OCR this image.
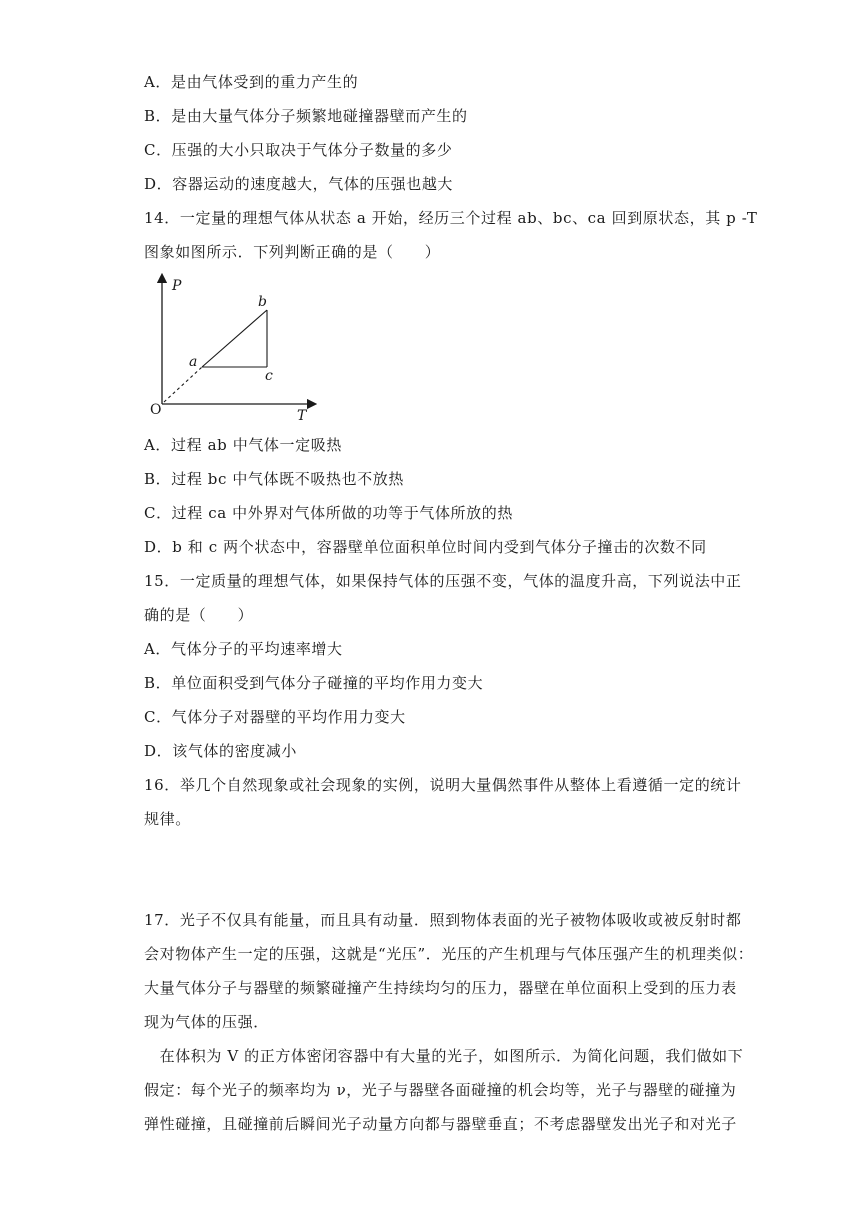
A．是由气体受到的重力产生的
B．是由大量气体分子频繁地碰撞器壁而产生的
C．压强的大小只取决于气体分子数量的多少
D．容器运动的速度越大，气体的压强也越大
14．一定量的理想气体从状态 a 开始，经历三个过程 ab、bc、ca 回到原状态，其 p -T
图象如图所示．下列判断正确的是（　　）
P
T
O
a
b
c
A．过程 ab 中气体一定吸热
B．过程 bc 中气体既不吸热也不放热
C．过程 ca 中外界对气体所做的功等于气体所放的热
D．b 和 c 两个状态中，容器壁单位面积单位时间内受到气体分子撞击的次数不同
15．一定质量的理想气体，如果保持气体的压强不变，气体的温度升高，下列说法中正
确的是（　　）
A．气体分子的平均速率增大
B．单位面积受到气体分子碰撞的平均作用力变大
C．气体分子对器壁的平均作用力变大
D．该气体的密度减小
16．举几个自然现象或社会现象的实例，说明大量偶然事件从整体上看遵循一定的统计
规律。
17．光子不仅具有能量，而且具有动量．照到物体表面的光子被物体吸收或被反射时都
会对物体产生一定的压强，这就是“光压”．光压的产生机理与气体压强产生的机理类似：
大量气体分子与器壁的频繁碰撞产生持续均匀的压力，器壁在单位面积上受到的压力表
现为气体的压强．
　在体积为 V 的正方体密闭容器中有大量的光子，如图所示．为简化问题，我们做如下
假定：每个光子的频率均为 ν，光子与器壁各面碰撞的机会均等，光子与器壁的碰撞为
弹性碰撞，且碰撞前后瞬间光子动量方向都与器壁垂直；不考虑器壁发出光子和对光子
